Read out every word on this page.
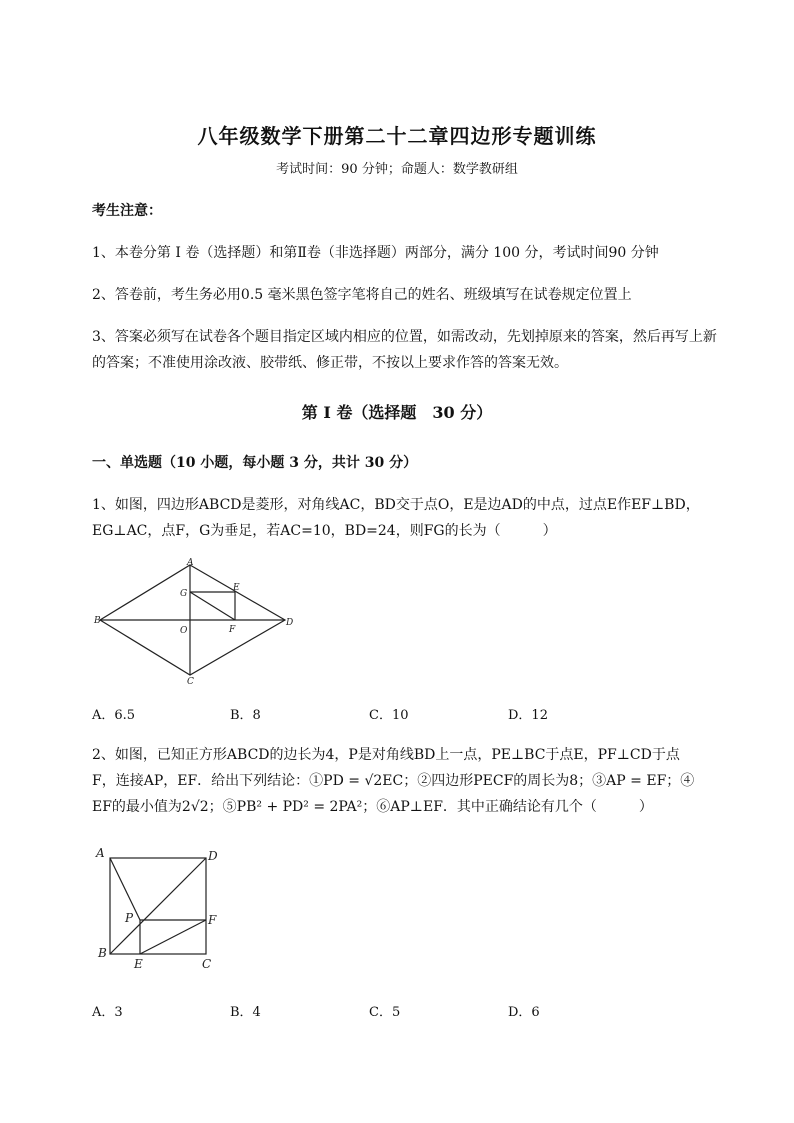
八年级数学下册第二十二章四边形专题训练
考试时间：90 分钟；命题人：数学教研组
考生注意：
1、本卷分第 I 卷（选择题）和第Ⅱ卷（非选择题）两部分，满分 100 分，考试时间90 分钟
2、答卷前，考生务必用0.5 毫米黑色签字笔将自己的姓名、班级填写在试卷规定位置上
3、答案必须写在试卷各个题目指定区域内相应的位置，如需改动，先划掉原来的答案，然后再写上新
的答案；不准使用涂改液、胶带纸、修正带，不按以上要求作答的答案无效。
第 I 卷（选择题　30 分）
一、单选题（10 小题，每小题 3 分，共计 30 分）
1、如图，四边形ABCD是菱形，对角线AC，BD交于点O，E是边AD的中点，过点E作EF⊥BD，
EG⊥AC，点F，G为垂足，若AC=10，BD=24，则FG的长为（　　　）
A
B
C
D
O
E
F
G
A．6.5	B．8	C．10	D．12
2、如图，已知正方形ABCD的边长为4，P是对角线BD上一点，PE⊥BC于点E，PF⊥CD于点
F，连接AP，EF．给出下列结论：①PD = √2EC；②四边形PECF的周长为8；③AP = EF；④
EF的最小值为2√2；⑤PB² + PD² = 2PA²；⑥AP⊥EF．其中正确结论有几个（　　　）
A
B
C
D
P
E
F
A．3	B．4	C．5	D．6
